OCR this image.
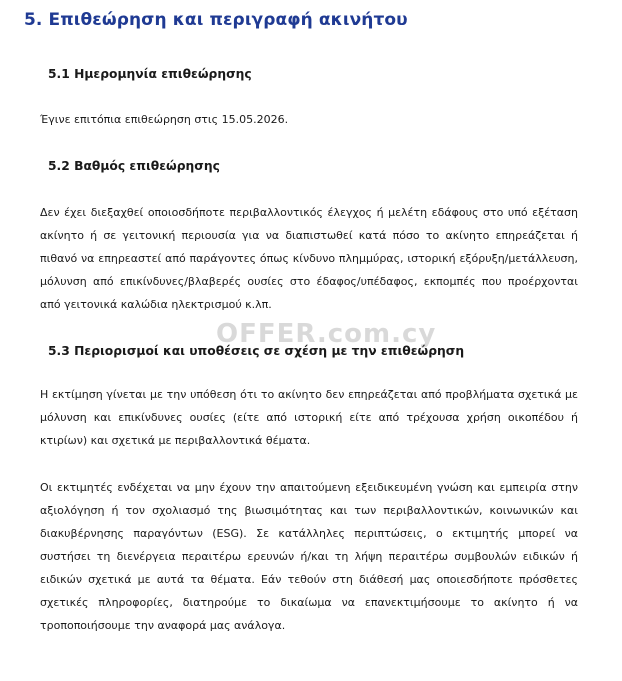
5. Επιθεώρηση και περιγραφή ακινήτου
5.1 Ημερομηνία επιθεώρησης

Έγινε επιτόπια επιθεώρηση στις 15.05.2026.

5.2 Βαθμός επιθεώρησης

Δεν έχει διεξαχθεί οποιοσδήποτε περιβαλλοντικός έλεγχος ή μελέτη εδάφους στο υπό εξέταση ακίνητο ή σε γειτονική περιουσία για να διαπιστωθεί κατά πόσο το ακίνητο επηρεάζεται ή πιθανό να επηρεαστεί από παράγοντες όπως κίνδυνο πλημμύρας, ιστορική εξόρυξη/μετάλλευση, μόλυνση από επικίνδυνες/βλαβερές ουσίες στο έδαφος/υπέδαφος, εκπομπές που προέρχονται από γειτονικά καλώδια ηλεκτρισμού κ.λπ.

5.3 Περιορισμοί και υποθέσεις σε σχέση με την επιθεώρηση

Η εκτίμηση γίνεται με την υπόθεση ότι το ακίνητο δεν επηρεάζεται από προβλήματα σχετικά με μόλυνση και επικίνδυνες ουσίες (είτε από ιστορική είτε από τρέχουσα χρήση οικοπέδου ή κτιρίων) και σχετικά με περιβαλλοντικά θέματα.

Οι εκτιμητές ενδέχεται να μην έχουν την απαιτούμενη εξειδικευμένη γνώση και εμπειρία στην αξιολόγηση ή τον σχολιασμό της βιωσιμότητας και των περιβαλλοντικών, κοινωνικών και διακυβέρνησης παραγόντων (ESG). Σε κατάλληλες περιπτώσεις, ο εκτιμητής μπορεί να συστήσει τη διενέργεια περαιτέρω ερευνών ή/και τη λήψη περαιτέρω συμβουλών ειδικών ή ειδικών σχετικά με αυτά τα θέματα. Εάν τεθούν στη διάθεσή μας οποιεσδήποτε πρόσθετες σχετικές πληροφορίες, διατηρούμε το δικαίωμα να επανεκτιμήσουμε το ακίνητο ή να τροποποιήσουμε την αναφορά μας ανάλογα.

OFFER.com.cy
